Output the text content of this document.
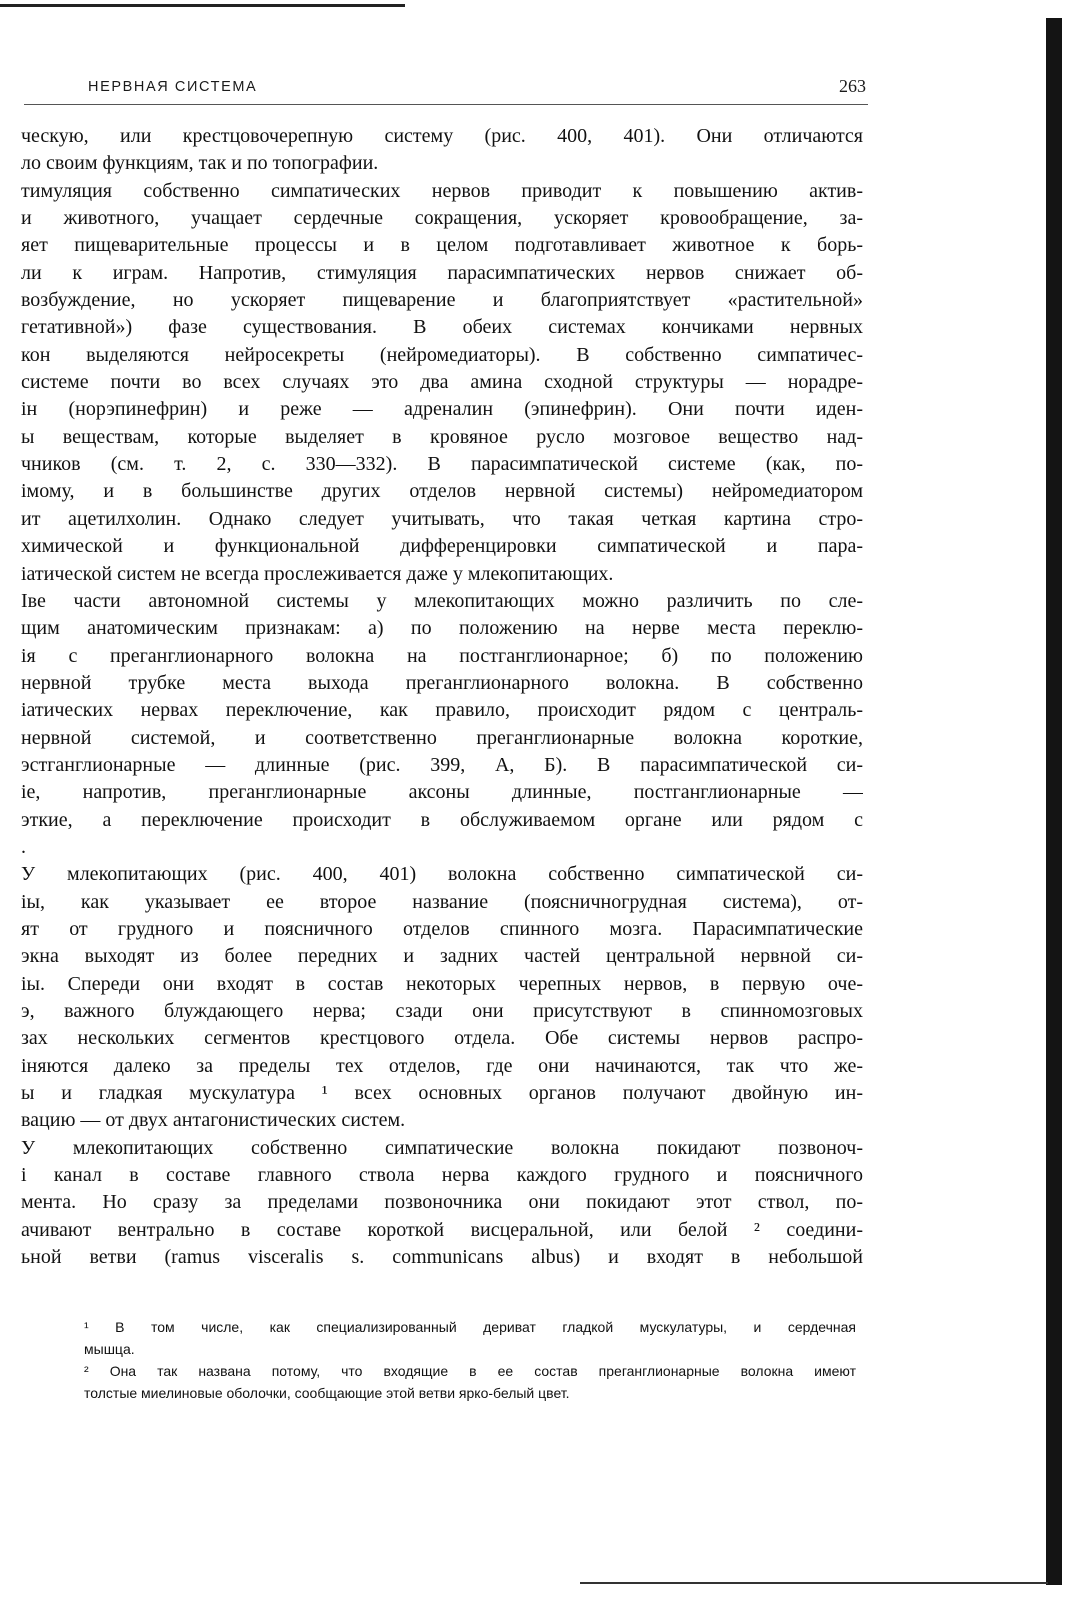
НЕРВНАЯ СИСТЕМА	263
ческую, или крестцовочерепную систему (рис. 400, 401). Они отличаются
ло своим функциям, так и по топографии.
тимуляция собственно симпатических нервов приводит к повышению актив-
и животного, учащает сердечные сокращения, ускоряет кровообращение, за-
яет пищеварительные процессы и в целом подготавливает животное к борь-
ли к играм. Напротив, стимуляция парасимпатических нервов снижает об-
возбуждение, но ускоряет пищеварение и благоприятствует «растительной»
гетативной») фазе существования. В обеих системах кончиками нервных
кон выделяются нейросекреты (нейромедиаторы). В собственно симпатичес-
системе почти во всех случаях это два амина сходной структуры — норадре-
ін (норэпинефрин) и реже — адреналин (эпинефрин). Они почти иден-
ы веществам, которые выделяет в кровяное русло мозговое вещество над-
чников (см. т. 2, с. 330—332). В парасимпатической системе (как, по-
імому, и в большинстве других отделов нервной системы) нейромедиатором
ит ацетилхолин. Однако следует учитывать, что такая четкая картина стро-
химической и функциональной дифференцировки симпатической и пара-
іатической систем не всегда прослеживается даже у млекопитающих.
Іве части автономной системы у млекопитающих можно различить по сле-
щим анатомическим признакам: а) по положению на нерве места переклю-
ія с преганглионарного волокна на постганглионарное; б) по положению
нервной трубке места выхода преганглионарного волокна. В собственно
іатических нервах переключение, как правило, происходит рядом с централь-
нервной системой, и соответственно преганглионарные волокна короткие,
эстганглионарные — длинные (рис. 399, А, Б). В парасимпатической си-
іе, напротив, преганглионарные аксоны длинные, постганглионарные —
эткие, а переключение происходит в обслуживаемом органе или рядом с
.
У млекопитающих (рис. 400, 401) волокна собственно симпатической си-
іы, как указывает ее второе название (поясничногрудная система), от-
ят от грудного и поясничного отделов спинного мозга. Парасимпатические
экна выходят из более передних и задних частей центральной нервной си-
іы. Спереди они входят в состав некоторых черепных нервов, в первую оче-
э, важного блуждающего нерва; сзади они присутствуют в спинномозговых
зах нескольких сегментов крестцового отдела. Обе системы нервов распро-
іняются далеко за пределы тех отделов, где они начинаются, так что же-
ы и гладкая мускулатура ¹ всех основных органов получают двойную ин-
вацию — от двух антагонистических систем.
У млекопитающих собственно симпатические волокна покидают позвоноч-
і канал в составе главного ствола нерва каждого грудного и поясничного
мента. Но сразу за пределами позвоночника они покидают этот ствол, по-
ачивают вентрально в составе короткой висцеральной, или белой ² соедини-
ьной ветви (ramus visceralis s. communicans albus) и входят в небольшой
¹ В том числе, как специализированный дериват гладкой мускулатуры, и сердечная
мышца.
² Она так названа потому, что входящие в ее состав преганглионарные волокна имеют
толстые миелиновые оболочки, сообщающие этой ветви ярко-белый цвет.
